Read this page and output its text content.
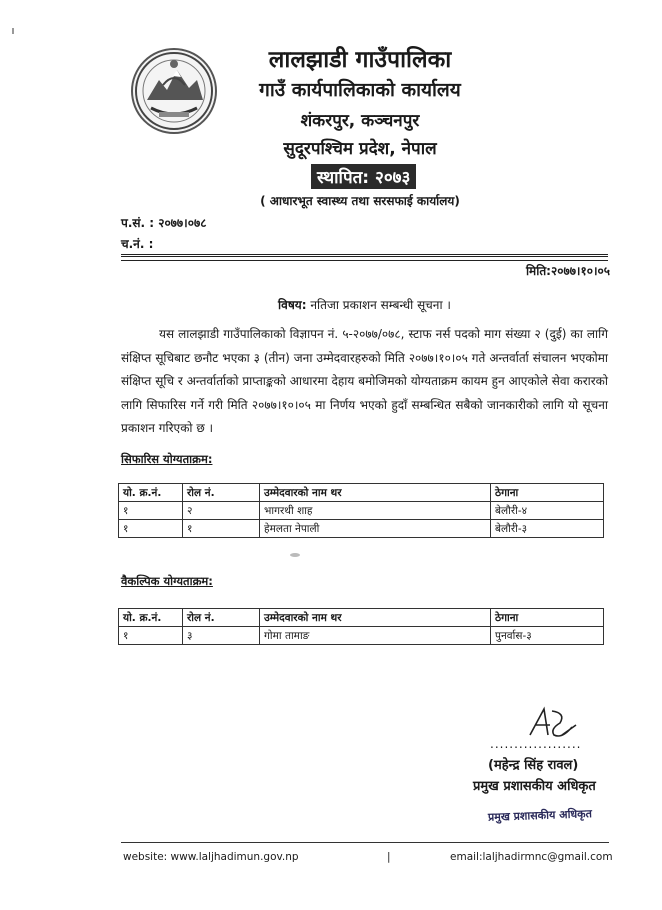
लालझाडी गाउँपालिका
गाउँ कार्यपालिकाको कार्यालय
शंकरपुर, कञ्चनपुर
सुदूरपश्चिम प्रदेश, नेपाल
स्थापित: २०७३
( आधारभूत स्वास्थ्य तथा सरसफाई कार्यालय)
प.सं. : २०७७।०७८
च.नं. :
मिति:२०७७।१०।०५
विषय: नतिजा प्रकाशन सम्बन्धी सूचना ।
यस लालझाडी गाउँपालिकाको विज्ञापन नं. ५-२०७७/०७८, स्टाफ नर्स पदको माग संख्या २ (दुई) का लागि संक्षिप्त सूचिबाट छनौट भएका ३ (तीन) जना उम्मेदवारहरुको मिति २०७७।१०।०५ गते अन्तर्वार्ता संचालन भएकोमा संक्षिप्त सूचि र अन्तर्वार्ताको प्राप्ताङ्कको आधारमा देहाय बमोजिमको योग्यताक्रम कायम हुन आएकोले सेवा करारको लागि सिफारिस गर्ने गरी मिति २०७७।१०।०५ मा निर्णय भएको हुदाँ सम्बन्धित सबैको जानकारीको लागि यो सूचना प्रकाशन गरिएको छ ।
सिफारिस योग्यताक्रम:
यो. क्र.नं.	रोल नं.	उम्मेदवारको नाम थर	ठेगाना
१	२	भागरथी शाह	बेलौरी-४
१	१	हेमलता नेपाली	बेलौरी-३
वैकल्पिक योग्यताक्रम:
यो. क्र.नं.	रोल नं.	उम्मेदवारको नाम थर	ठेगाना
१	३	गोमा तामाङ	पुनर्वास-३
...................
(महेन्द्र सिंह रावल)
प्रमुख प्रशासकीय अधिकृत
प्रमुख प्रशासकीय अधिकृत
website: www.laljhadimun.gov.np	|	email:laljhadirmnc@gmail.com
